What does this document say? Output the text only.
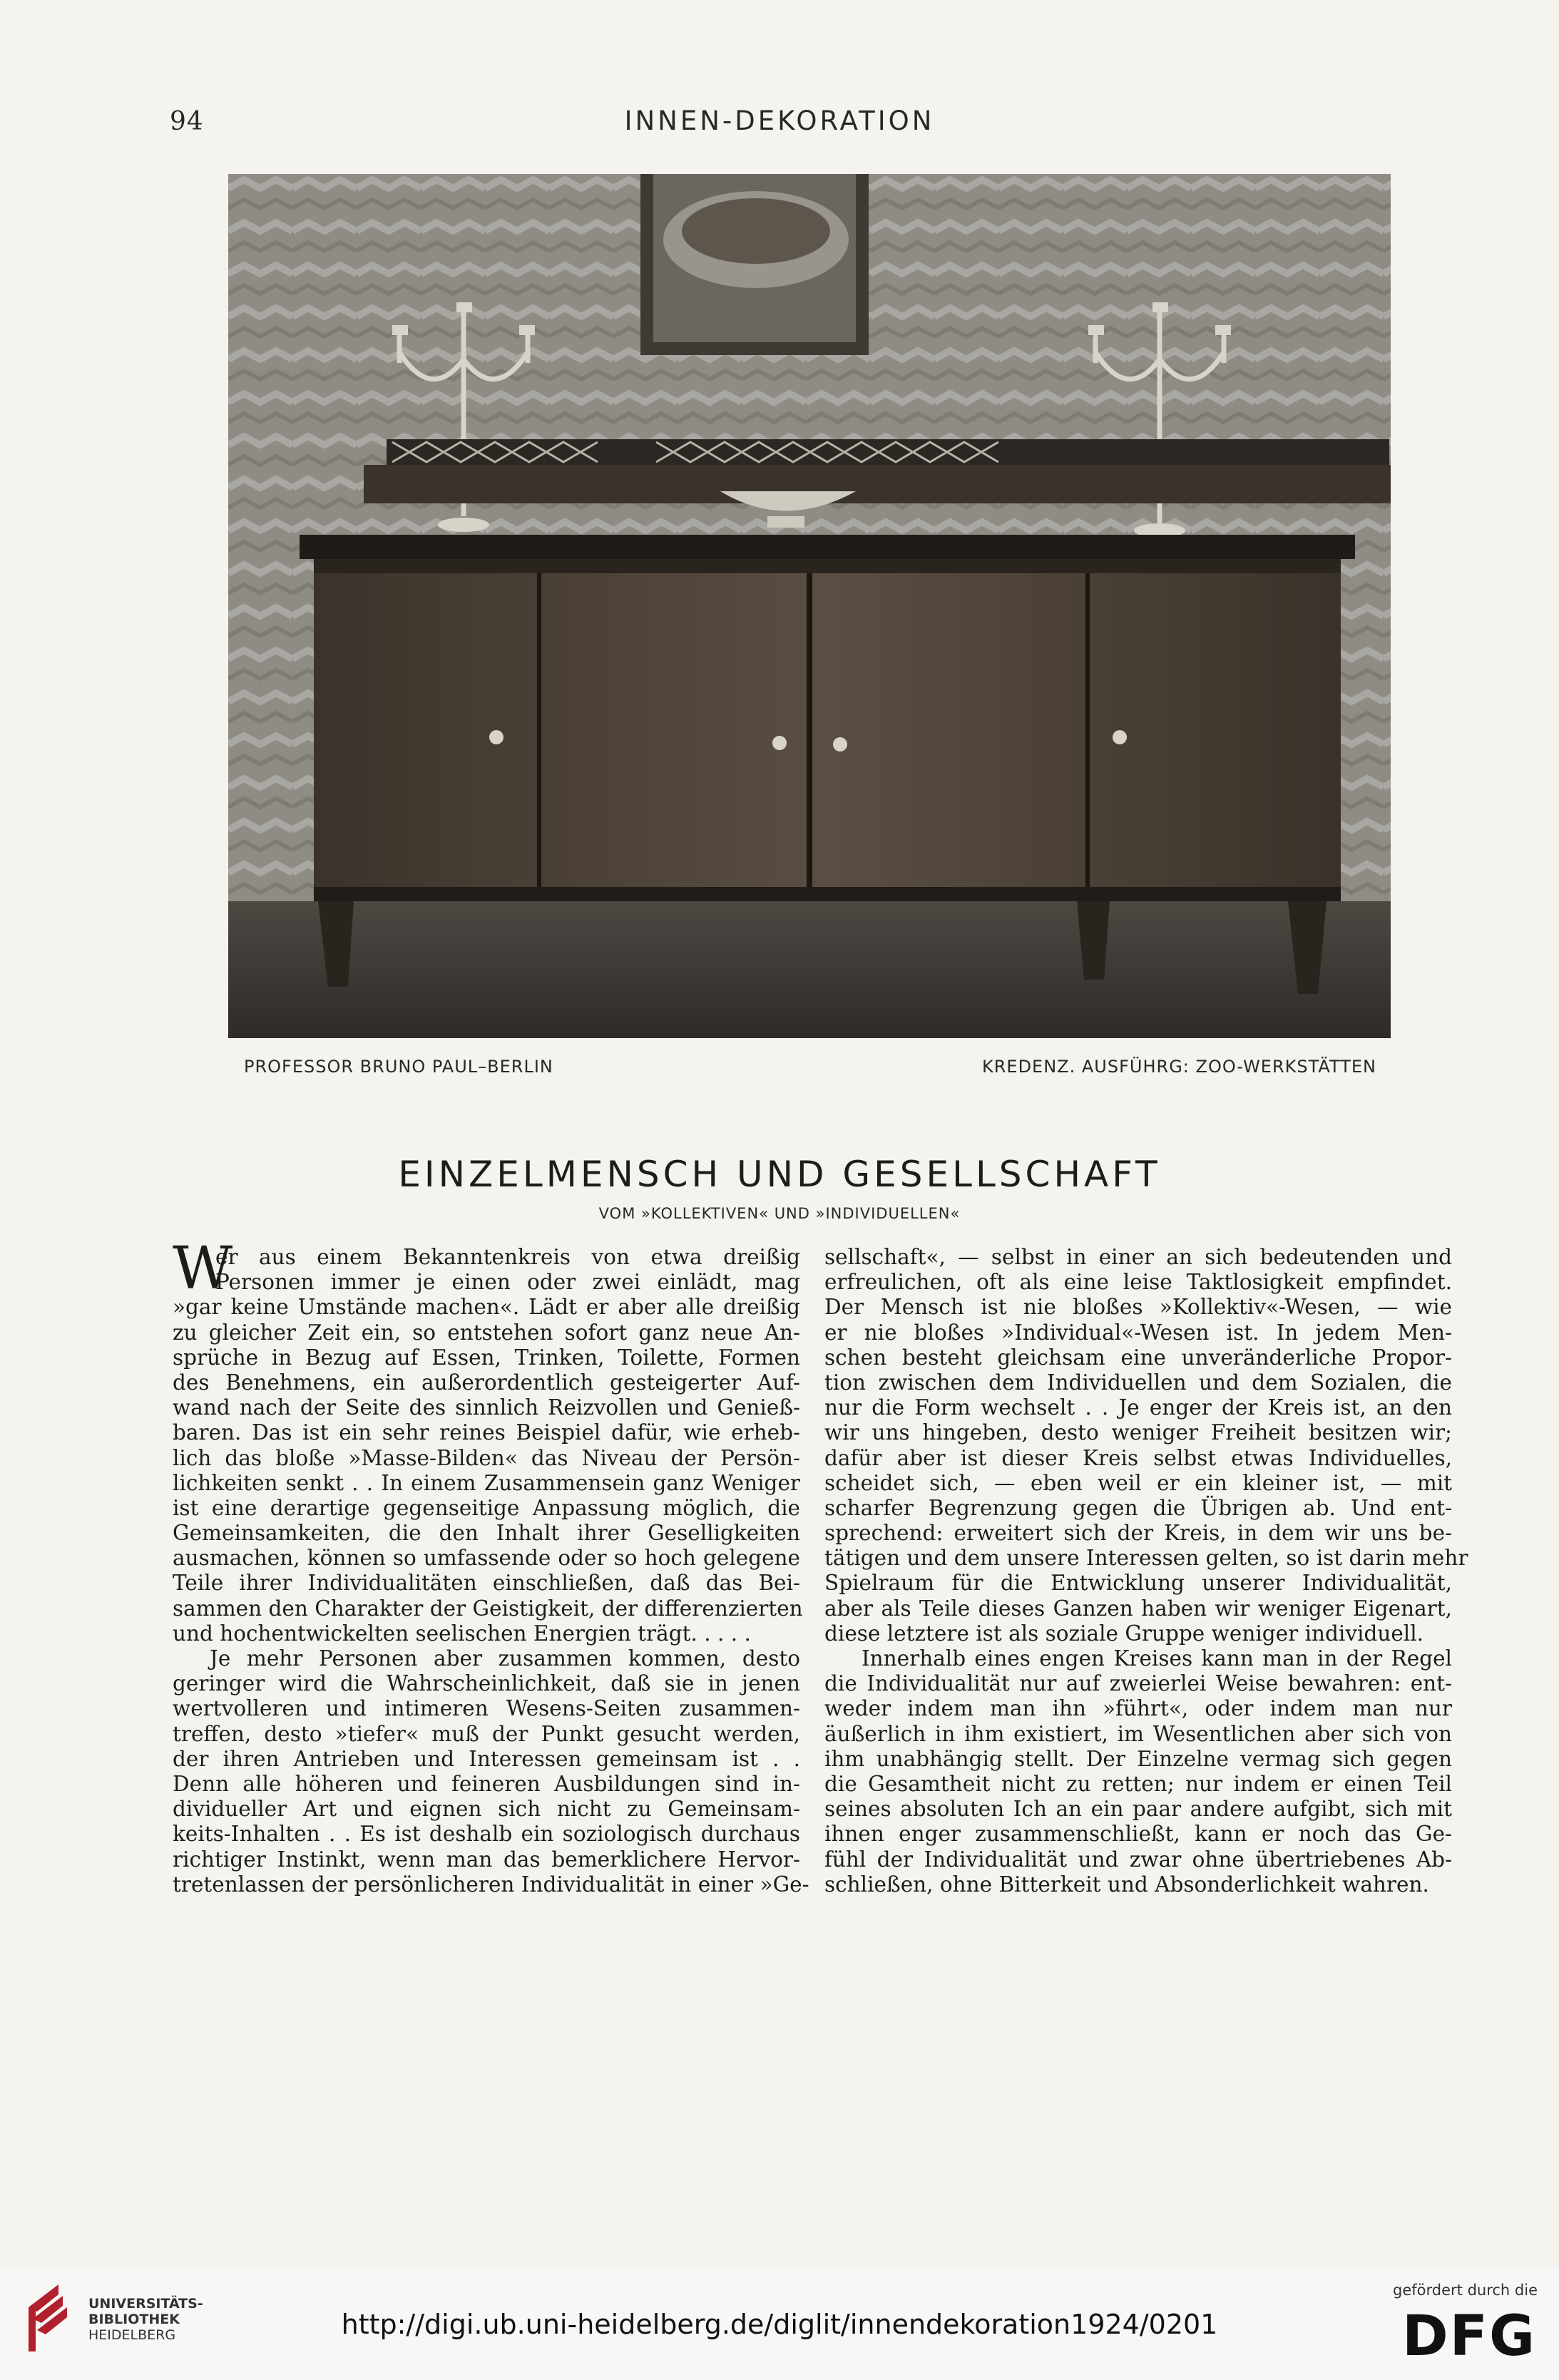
94	INNEN-DEKORATION
PROFESSOR BRUNO PAUL–BERLIN	KREDENZ. AUSFÜHRG: ZOO-WERKSTÄTTEN
EINZELMENSCH UND GESELLSCHAFT
VOM »KOLLEKTIVEN« UND »INDIVIDUELLEN«
W
er aus einem Bekanntenkreis von etwa dreißig
Personen immer je einen oder zwei einlädt, mag
»gar keine Umstände machen«. Lädt er aber alle dreißig
zu gleicher Zeit ein, so entstehen sofort ganz neue An-
sprüche in Bezug auf Essen, Trinken, Toilette, Formen
des Benehmens, ein außerordentlich gesteigerter Auf-
wand nach der Seite des sinnlich Reizvollen und Genieß-
baren. Das ist ein sehr reines Beispiel dafür, wie erheb-
lich das bloße »Masse-Bilden« das Niveau der Persön-
lichkeiten senkt . . In einem Zusammensein ganz Weniger
ist eine derartige gegenseitige Anpassung möglich, die
Gemeinsamkeiten, die den Inhalt ihrer Geselligkeiten
ausmachen, können so umfassende oder so hoch gelegene
Teile ihrer Individualitäten einschließen, daß das Bei-
sammen den Charakter der Geistigkeit, der differenzierten
und hochentwickelten seelischen Energien trägt. . . . .
Je mehr Personen aber zusammen kommen, desto
geringer wird die Wahrscheinlichkeit, daß sie in jenen
wertvolleren und intimeren Wesens-Seiten zusammen-
treffen, desto »tiefer« muß der Punkt gesucht werden,
der ihren Antrieben und Interessen gemeinsam ist . .
Denn alle höheren und feineren Ausbildungen sind in-
dividueller Art und eignen sich nicht zu Gemeinsam-
keits-Inhalten . . Es ist deshalb ein soziologisch durchaus
richtiger Instinkt, wenn man das bemerklichere Hervor-
tretenlassen der persönlicheren Individualität in einer »Ge-
sellschaft«, — selbst in einer an sich bedeutenden und
erfreulichen, oft als eine leise Taktlosigkeit empfindet.
Der Mensch ist nie bloßes »Kollektiv«-Wesen, — wie
er nie bloßes »Individual«-Wesen ist. In jedem Men-
schen besteht gleichsam eine unveränderliche Propor-
tion zwischen dem Individuellen und dem Sozialen, die
nur die Form wechselt . . Je enger der Kreis ist, an den
wir uns hingeben, desto weniger Freiheit besitzen wir;
dafür aber ist dieser Kreis selbst etwas Individuelles,
scheidet sich, — eben weil er ein kleiner ist, — mit
scharfer Begrenzung gegen die Übrigen ab. Und ent-
sprechend: erweitert sich der Kreis, in dem wir uns be-
tätigen und dem unsere Interessen gelten, so ist darin mehr
Spielraum für die Entwicklung unserer Individualität,
aber als Teile dieses Ganzen haben wir weniger Eigenart,
diese letztere ist als soziale Gruppe weniger individuell.
Innerhalb eines engen Kreises kann man in der Regel
die Individualität nur auf zweierlei Weise bewahren: ent-
weder indem man ihn »führt«, oder indem man nur
äußerlich in ihm existiert, im Wesentlichen aber sich von
ihm unabhängig stellt. Der Einzelne vermag sich gegen
die Gesamtheit nicht zu retten; nur indem er einen Teil
seines absoluten Ich an ein paar andere aufgibt, sich mit
ihnen enger zusammenschließt, kann er noch das Ge-
fühl der Individualität und zwar ohne übertriebenes Ab-
schließen, ohne Bitterkeit und Absonderlichkeit wahren.
UNIVERSITÄTS-
BIBLIOTHEK
HEIDELBERG	http://digi.ub.uni-heidelberg.de/diglit/innendekoration1924/0201
gefördert durch die
DFG
